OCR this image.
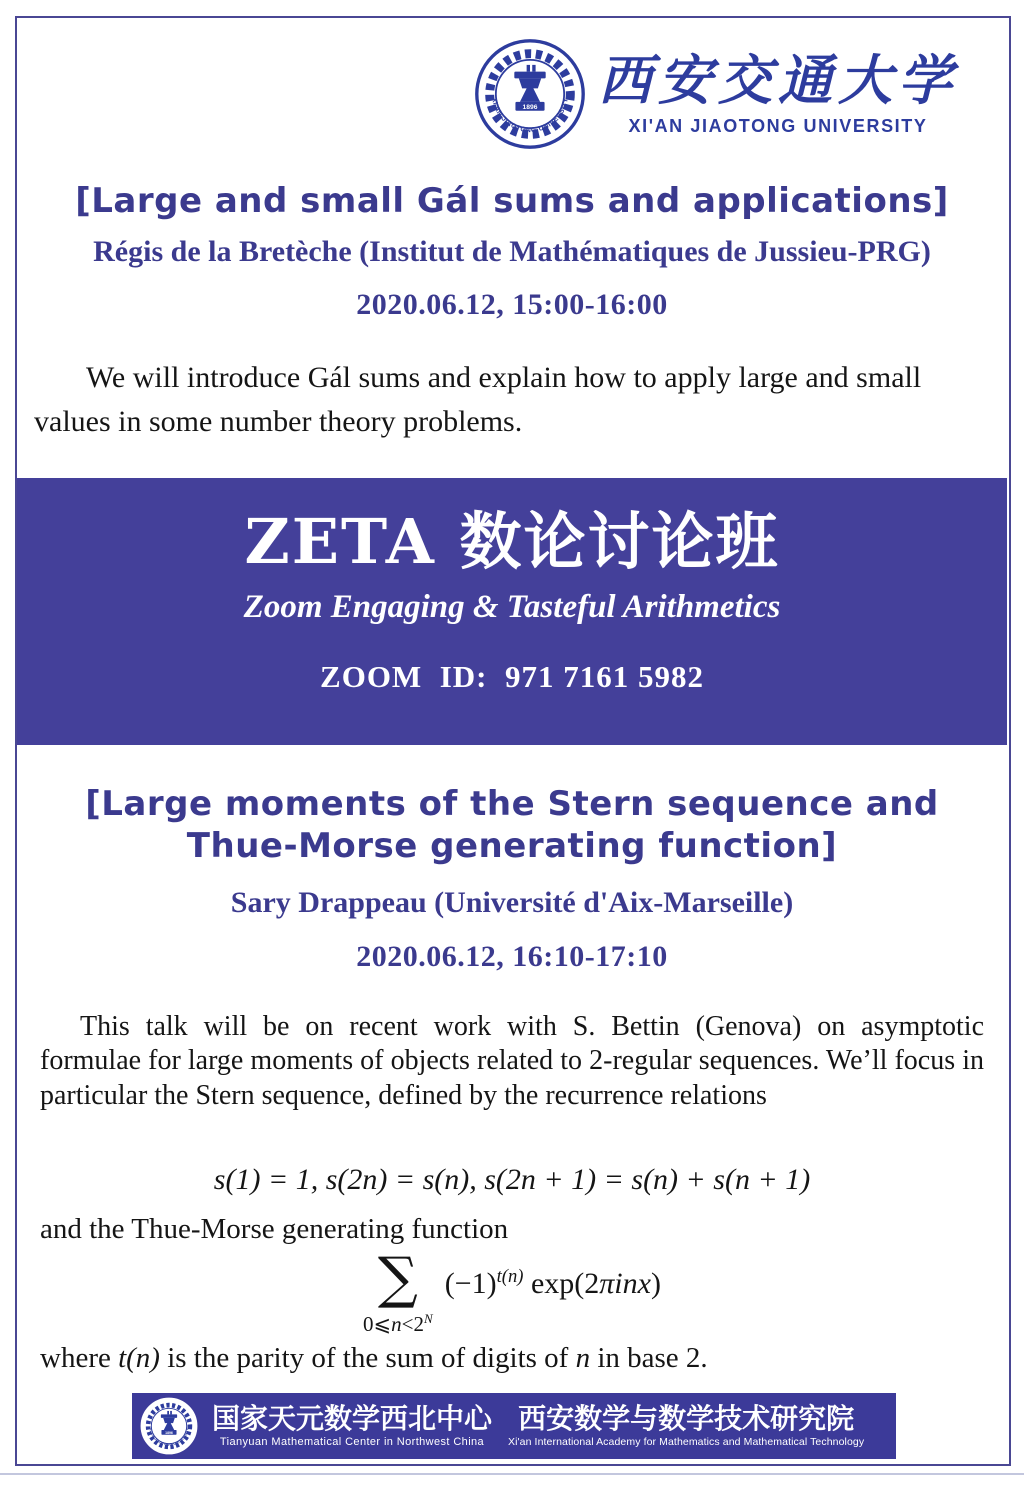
1896
XI'AN JIAOTONG UNIVERSITY 西安交通大学
XI'AN JIAOTONG UNIVERSITY
[Large and small Gál sums and applications]
Régis de la Bretèche (Institut de Mathématiques de Jussieu-PRG)
2020.06.12, 15:00-16:00

We will introduce Gál sums and explain how to apply large and small values in some number theory problems.

ZETA 数论讨论班
Zoom Engaging & Tasteful Arithmetics
ZOOM  ID:  971 7161 5982
[Large moments of the Stern sequence and
Thue-Morse generating function]
Sary Drappeau (Université d'Aix-Marseille)
2020.06.12, 16:10-17:10

This talk will be on recent work with S. Bettin (Genova) on asymptotic formulae for large moments of objects related to 2-regular sequences. We’ll focus in particular the Stern sequence, defined by the recurrence relations

s(1) = 1, s(2n) = s(n), s(2n + 1) = s(n) + s(n + 1)
and the Thue-Morse generating function
∑
$0⩽n<2^N$
$(-1)^{t(n)}$ exp(2πinx)
where t(n) is the parity of the sum of digits of n in base 2.
1896
XI'AN JIAOTONG UNIVERSITY 国家天元数学西北中心
Tianyuan Mathematical Center in Northwest China
西安数学与数学技术研究院
Xi'an International Academy for Mathematics and Mathematical Technology
